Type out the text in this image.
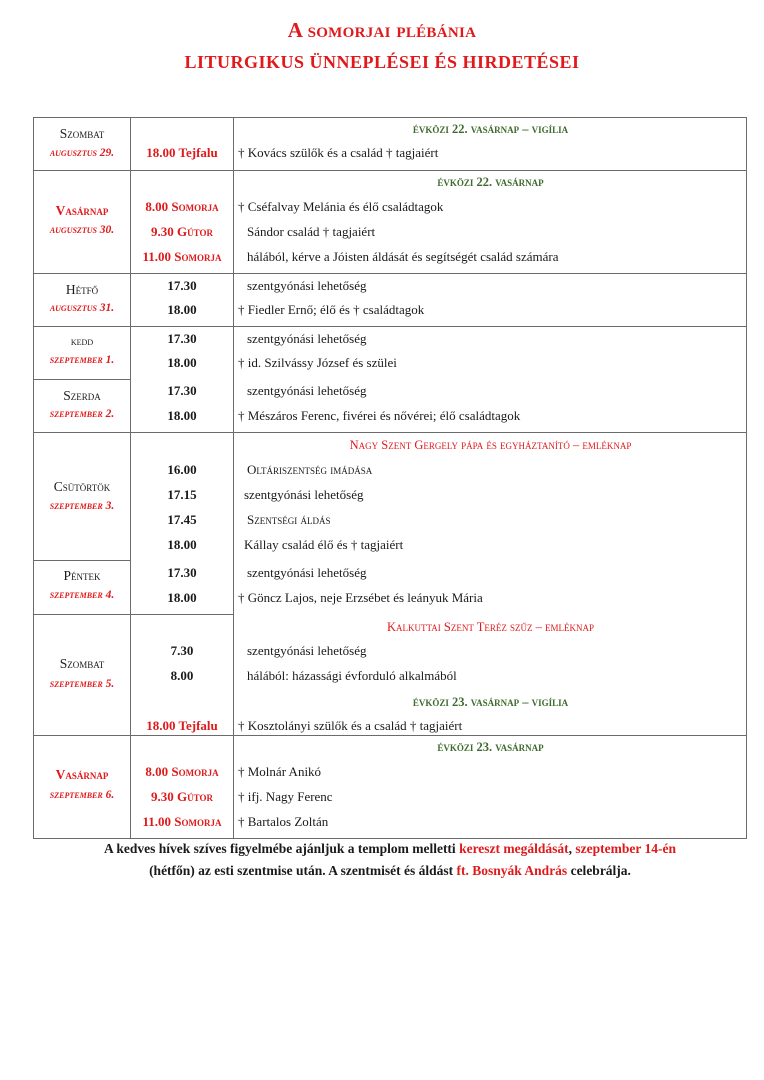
A somorjai plébánia
LITURGIKUS ÜNNEPLÉSEI ÉS HIRDETÉSEI
Szombat
augusztus 29.
Vasárnap
augusztus 30.
Hétfő
augusztus 31.
kedd
szeptember 1.
Szerda
szeptember 2.
Csütörtök
szeptember 3.
Péntek
szeptember 4.
Szombat
szeptember 5.
Vasárnap
szeptember 6.
évközi 22. vasárnap – vigília
évközi 22. vasárnap
Nagy Szent Gergely pápa és egyháztanító – emléknap
Kalkuttai Szent Teréz szűz – emléknap
évközi 23. vasárnap – vigília
évközi 23. vasárnap
18.00 Tejfalu
8.00 Somorja
9.30 Gútor
11.00 Somorja
17.30
18.00
17.30
18.00
17.30
18.00
16.00
17.15
17.45
18.00
17.30
18.00
7.30
8.00
18.00 Tejfalu
8.00 Somorja
9.30 Gútor
11.00 Somorja
† Kovács szülők és a család † tagjaiért
† Cséfalvay Melánia és élő családtagok
Sándor család † tagjaiért
hálából, kérve a Jóisten áldását és segítségét család számára
szentgyónási lehetőség
† Fiedler Ernő; élő és † családtagok
szentgyónási lehetőség
† id. Szilvássy József és szülei
szentgyónási lehetőség
† Mészáros Ferenc, fivérei és nővérei; élő családtagok
Oltáriszentség imádása
szentgyónási lehetőség
Szentségi áldás
Kállay család élő és † tagjaiért
szentgyónási lehetőség
† Göncz Lajos, neje Erzsébet és leányuk Mária
szentgyónási lehetőség
hálából: házassági évforduló alkalmából
† Kosztolányi szülők és a család † tagjaiért
† Molnár Anikó
† ifj. Nagy Ferenc
† Bartalos Zoltán
A kedves hívek szíves figyelmébe ajánljuk a templom melletti kereszt megáldását, szeptember 14-én
(hétfőn) az esti szentmise után. A szentmisét és áldást ft. Bosnyák András celebrálja.
